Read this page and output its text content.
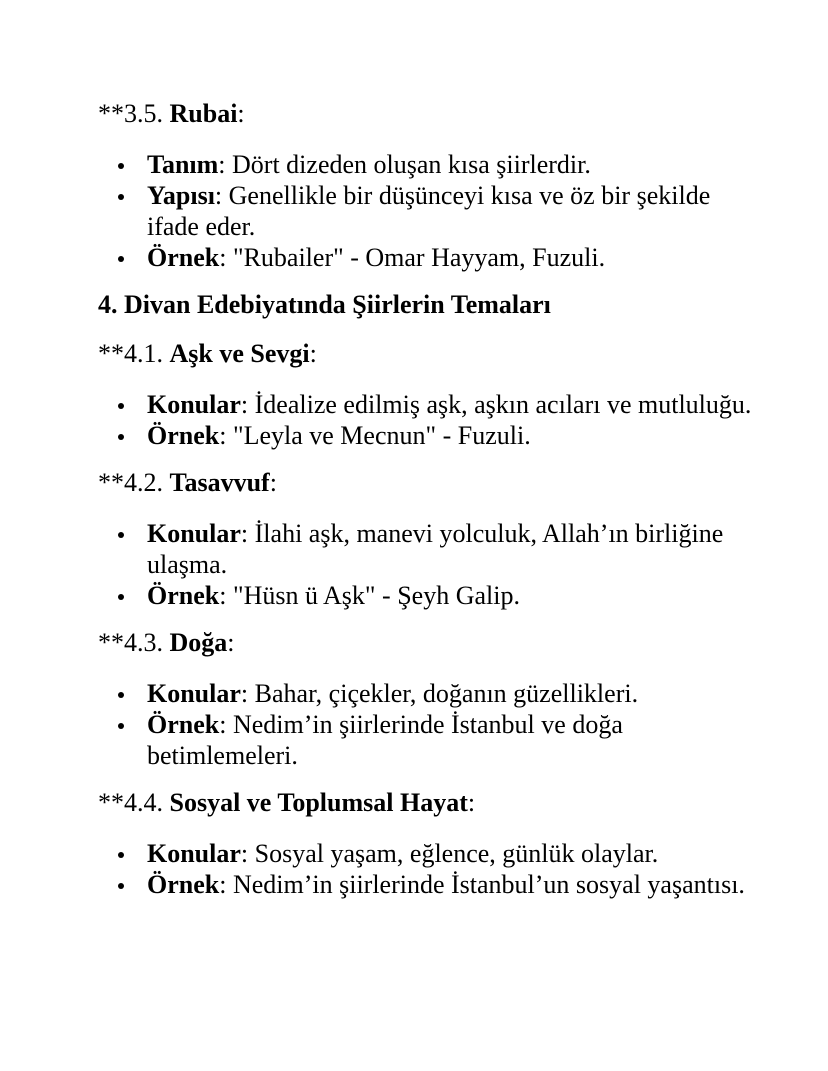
**3.5. Rubai:

Tanım: Dört dizeden oluşan kısa şiirlerdir.
Yapısı: Genellikle bir düşünceyi kısa ve öz bir şekilde ifade eder.
Örnek: "Rubailer" - Omar Hayyam, Fuzuli.

4. Divan Edebiyatında Şiirlerin Temaları

**4.1. Aşk ve Sevgi:

Konular: İdealize edilmiş aşk, aşkın acıları ve mutluluğu.
Örnek: "Leyla ve Mecnun" - Fuzuli.

**4.2. Tasavvuf:

Konular: İlahi aşk, manevi yolculuk, Allah’ın birliğine ulaşma.
Örnek: "Hüsn ü Aşk" - Şeyh Galip.

**4.3. Doğa:

Konular: Bahar, çiçekler, doğanın güzellikleri.
Örnek: Nedim’in şiirlerinde İstanbul ve doğa betimlemeleri.

**4.4. Sosyal ve Toplumsal Hayat:

Konular: Sosyal yaşam, eğlence, günlük olaylar.
Örnek: Nedim’in şiirlerinde İstanbul’un sosyal yaşantısı.
